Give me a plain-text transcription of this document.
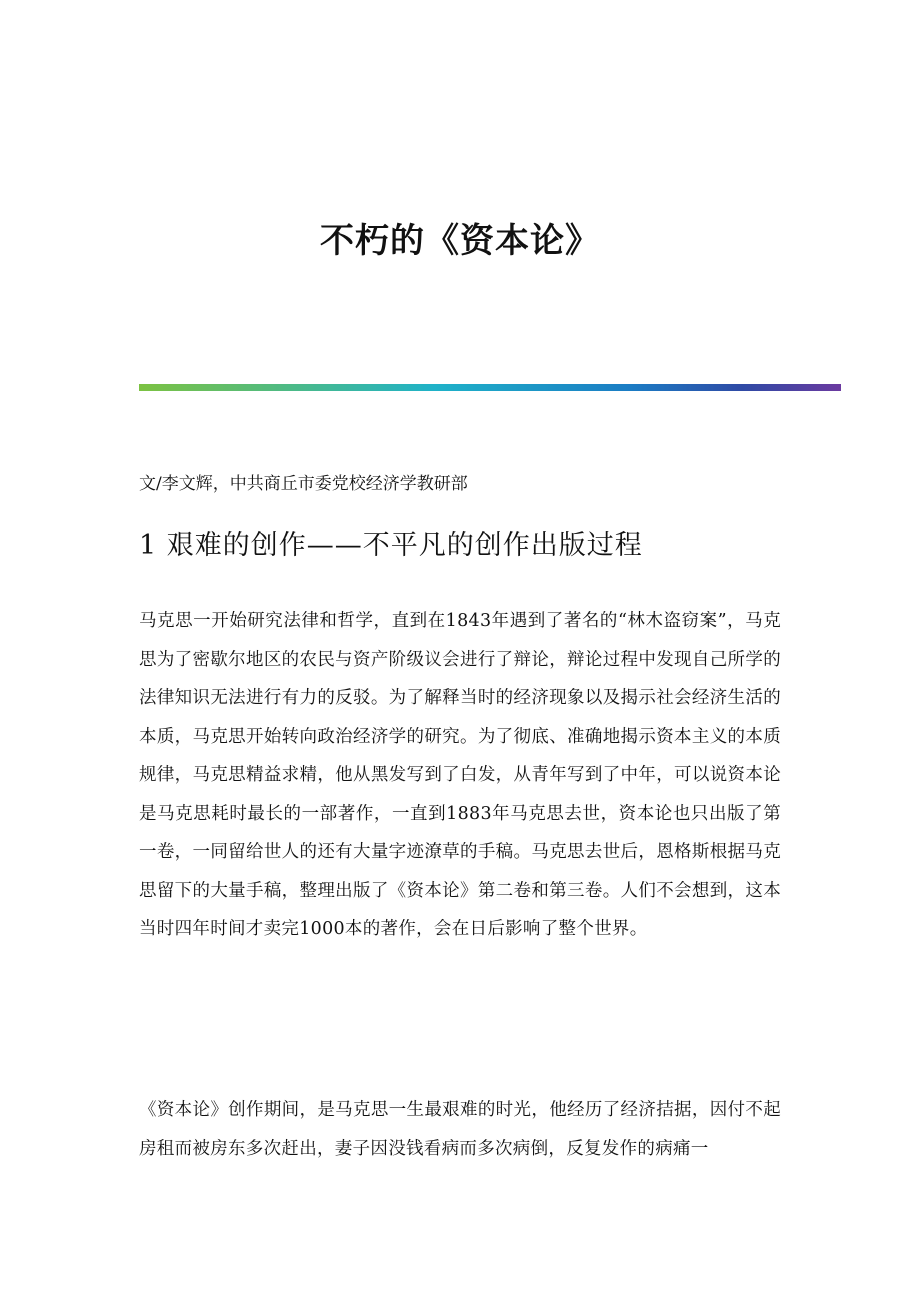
不朽的《资本论》

文/李文辉，中共商丘市委党校经济学教研部

1 艰难的创作——不平凡的创作出版过程

马克思一开始研究法律和哲学，直到在1843年遇到了著名的“林木盗窃案”，马克思为了密歇尔地区的农民与资产阶级议会进行了辩论，辩论过程中发现自己所学的法律知识无法进行有力的反驳。为了解释当时的经济现象以及揭示社会经济生活的本质，马克思开始转向政治经济学的研究。为了彻底、准确地揭示资本主义的本质规律，马克思精益求精，他从黑发写到了白发，从青年写到了中年，可以说资本论是马克思耗时最长的一部著作，一直到1883年马克思去世，资本论也只出版了第一卷，一同留给世人的还有大量字迹潦草的手稿。马克思去世后，恩格斯根据马克思留下的大量手稿，整理出版了《资本论》第二卷和第三卷。人们不会想到，这本当时四年时间才卖完1000本的著作，会在日后影响了整个世界。

《资本论》创作期间，是马克思一生最艰难的时光，他经历了经济拮据，因付不起房租而被房东多次赶出，妻子因没钱看病而多次病倒，反复发作的病痛一
